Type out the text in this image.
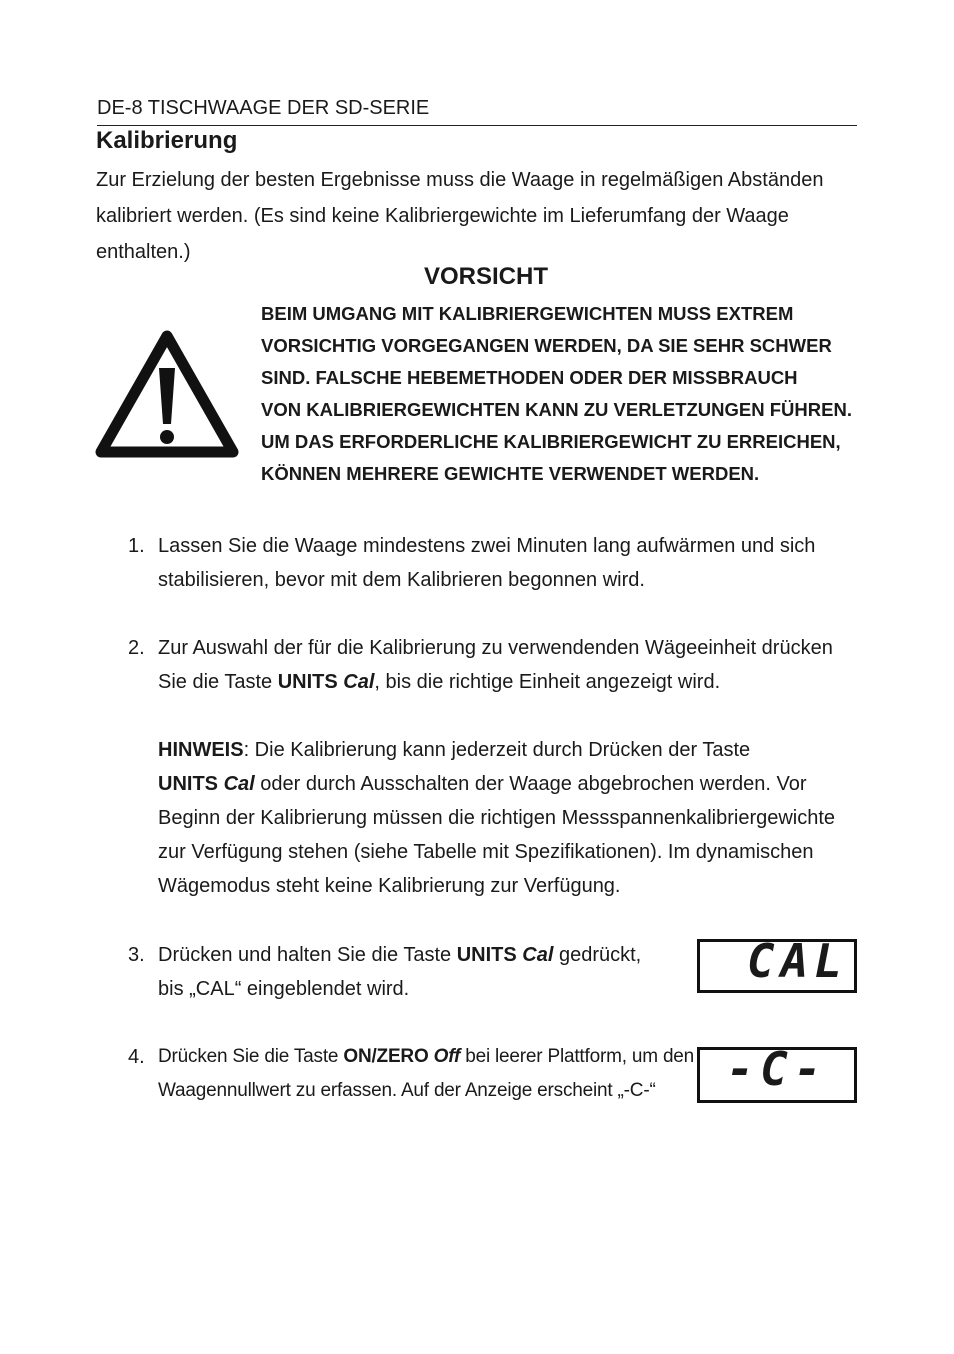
DE-8 TISCHWAAGE DER SD-SERIE
Kalibrierung
Zur Erzielung der besten Ergebnisse muss die Waage in regelmäßigen Abständen
kalibriert werden. (Es sind keine Kalibriergewichte im Lieferumfang der Waage
enthalten.)
VORSICHT
BEIM UMGANG MIT KALIBRIERGEWICHTEN MUSS EXTREM
VORSICHTIG VORGEGANGEN WERDEN, DA SIE SEHR SCHWER
SIND. FALSCHE HEBEMETHODEN ODER DER MISSBRAUCH
VON KALIBRIERGEWICHTEN KANN ZU VERLETZUNGEN FÜHREN.
UM DAS ERFORDERLICHE KALIBRIERGEWICHT ZU ERREICHEN,
KÖNNEN MEHRERE GEWICHTE VERWENDET WERDEN.
1. Lassen Sie die Waage mindestens zwei Minuten lang aufwärmen und sich
stabilisieren, bevor mit dem Kalibrieren begonnen wird.
2. Zur Auswahl der für die Kalibrierung zu verwendenden Wägeeinheit drücken
Sie die Taste UNITS Cal, bis die richtige Einheit angezeigt wird.
HINWEIS: Die Kalibrierung kann jederzeit durch Drücken der Taste
UNITS Cal oder durch Ausschalten der Waage abgebrochen werden. Vor
Beginn der Kalibrierung müssen die richtigen Messspannenkalibriergewichte
zur Verfügung stehen (siehe Tabelle mit Spezifikationen). Im dynamischen
Wägemodus steht keine Kalibrierung zur Verfügung.
3. Drücken und halten Sie die Taste UNITS Cal gedrückt,
bis „CAL“ eingeblendet wird.
CAL
4. Drücken Sie die Taste ON/ZERO Off bei leerer Plattform, um den
Waagennullwert zu erfassen. Auf der Anzeige erscheint „-C-“	-C-
